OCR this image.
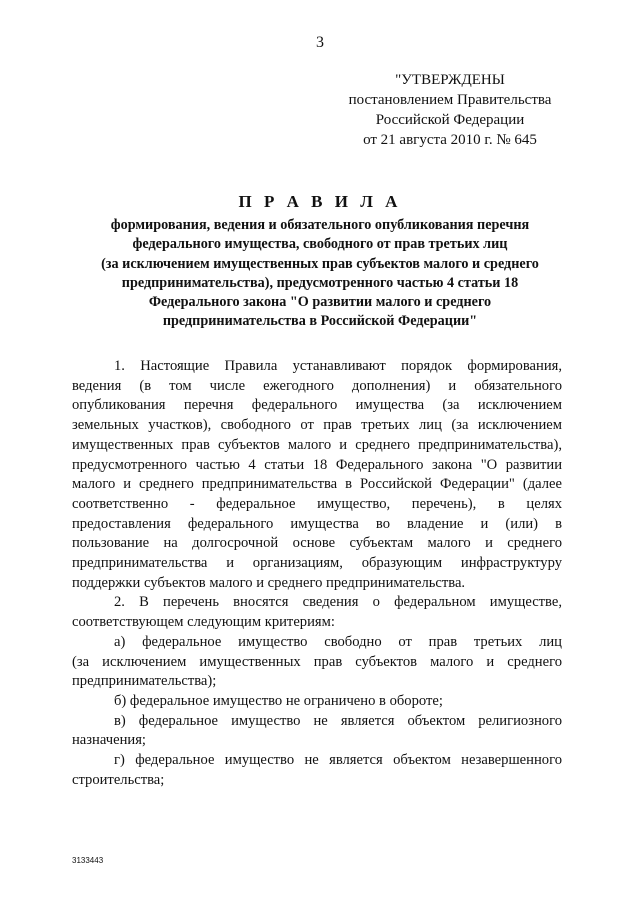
3
"УТВЕРЖДЕНЫ
постановлением Правительства
Российской Федерации
от 21 августа 2010 г. № 645
П Р А В И Л А
формирования, ведения и обязательного опубликования перечня
федерального имущества, свободного от прав третьих лиц
(за исключением имущественных прав субъектов малого и среднего
предпринимательства), предусмотренного частью 4 статьи 18
Федерального закона "О развитии малого и среднего
предпринимательства в Российской Федерации"

1. Настоящие Правила устанавливают порядок формирования,
ведения (в том числе ежегодного дополнения) и обязательного
опубликования перечня федерального имущества (за исключением
земельных участков), свободного от прав третьих лиц (за исключением
имущественных прав субъектов малого и среднего предпринимательства),
предусмотренного частью 4 статьи 18 Федерального закона "О развитии
малого и среднего предпринимательства в Российской Федерации" (далее
соответственно - федеральное имущество, перечень), в целях
предоставления федерального имущества во владение и (или) в
пользование на долгосрочной основе субъектам малого и среднего
предпринимательства и организациям, образующим инфраструктуру
поддержки субъектов малого и среднего предпринимательства.

2. В перечень вносятся сведения о федеральном имуществе,
соответствующем следующим критериям:

а) федеральное имущество свободно от прав третьих лиц
(за исключением имущественных прав субъектов малого и среднего
предпринимательства);

б) федеральное имущество не ограничено в обороте;

в) федеральное имущество не является объектом религиозного
назначения;

г) федеральное имущество не является объектом незавершенного
строительства;

3133443
